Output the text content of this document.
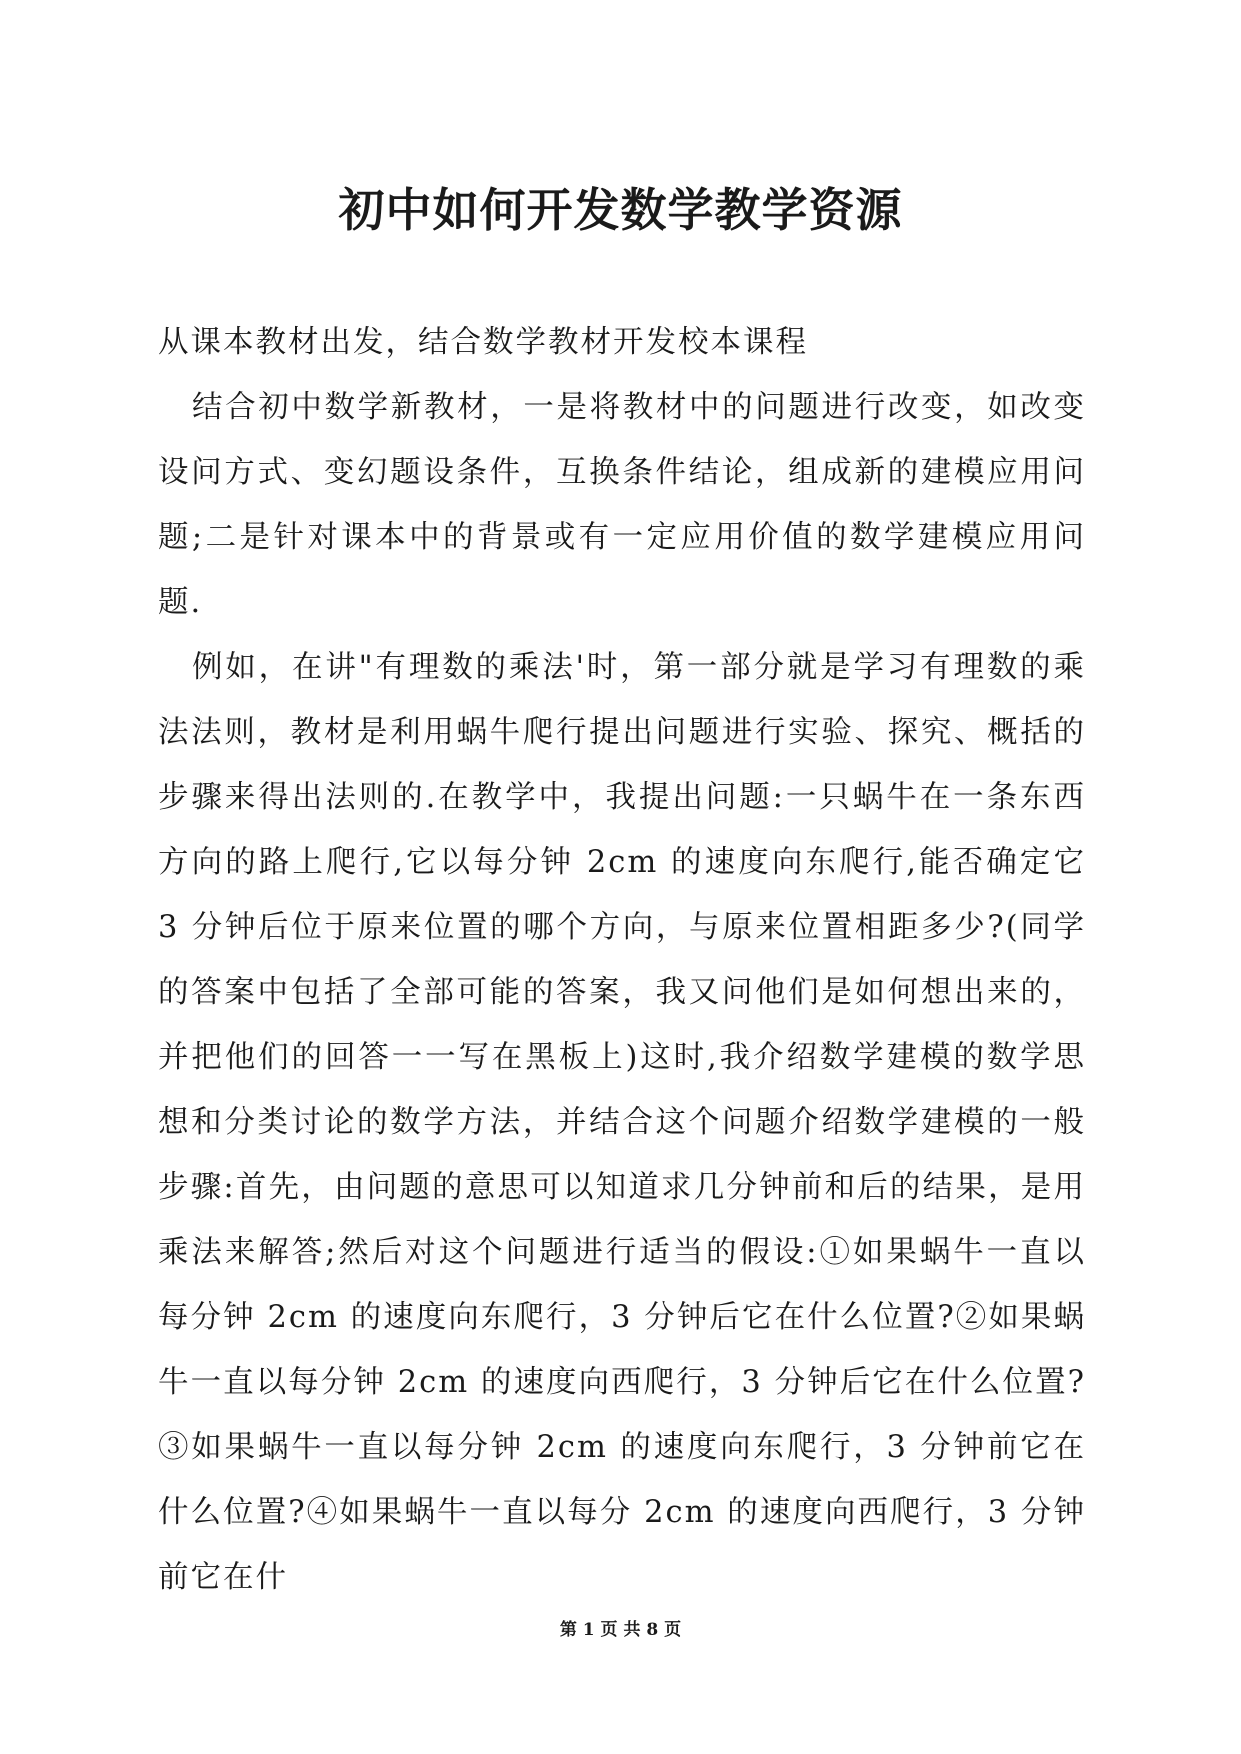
初中如何开发数学教学资源

从课本教材出发，结合数学教材开发校本课程

结合初中数学新教材，一是将教材中的问题进行改变，如改变设问方式、变幻题设条件，互换条件结论，组成新的建模应用问题;二是针对课本中的背景或有一定应用价值的数学建模应用问题.

例如，在讲"有理数的乘法'时，第一部分就是学习有理数的乘法法则，教材是利用蜗牛爬行提出问题进行实验、探究、概括的步骤来得出法则的.在教学中，我提出问题:一只蜗牛在一条东西方向的路上爬行,它以每分钟 2cm 的速度向东爬行,能否确定它 3 分钟后位于原来位置的哪个方向，与原来位置相距多少?(同学的答案中包括了全部可能的答案，我又问他们是如何想出来的，并把他们的回答一一写在黑板上)这时,我介绍数学建模的数学思想和分类讨论的数学方法，并结合这个问题介绍数学建模的一般步骤:首先，由问题的意思可以知道求几分钟前和后的结果，是用乘法来解答;然后对这个问题进行适当的假设:①如果蜗牛一直以每分钟 2cm 的速度向东爬行，3 分钟后它在什么位置?②如果蜗牛一直以每分钟 2cm 的速度向西爬行，3 分钟后它在什么位置?③如果蜗牛一直以每分钟 2cm 的速度向东爬行，3 分钟前它在什么位置?④如果蜗牛一直以每分 2cm 的速度向西爬行，3 分钟前它在什

第 1 页 共 8 页
